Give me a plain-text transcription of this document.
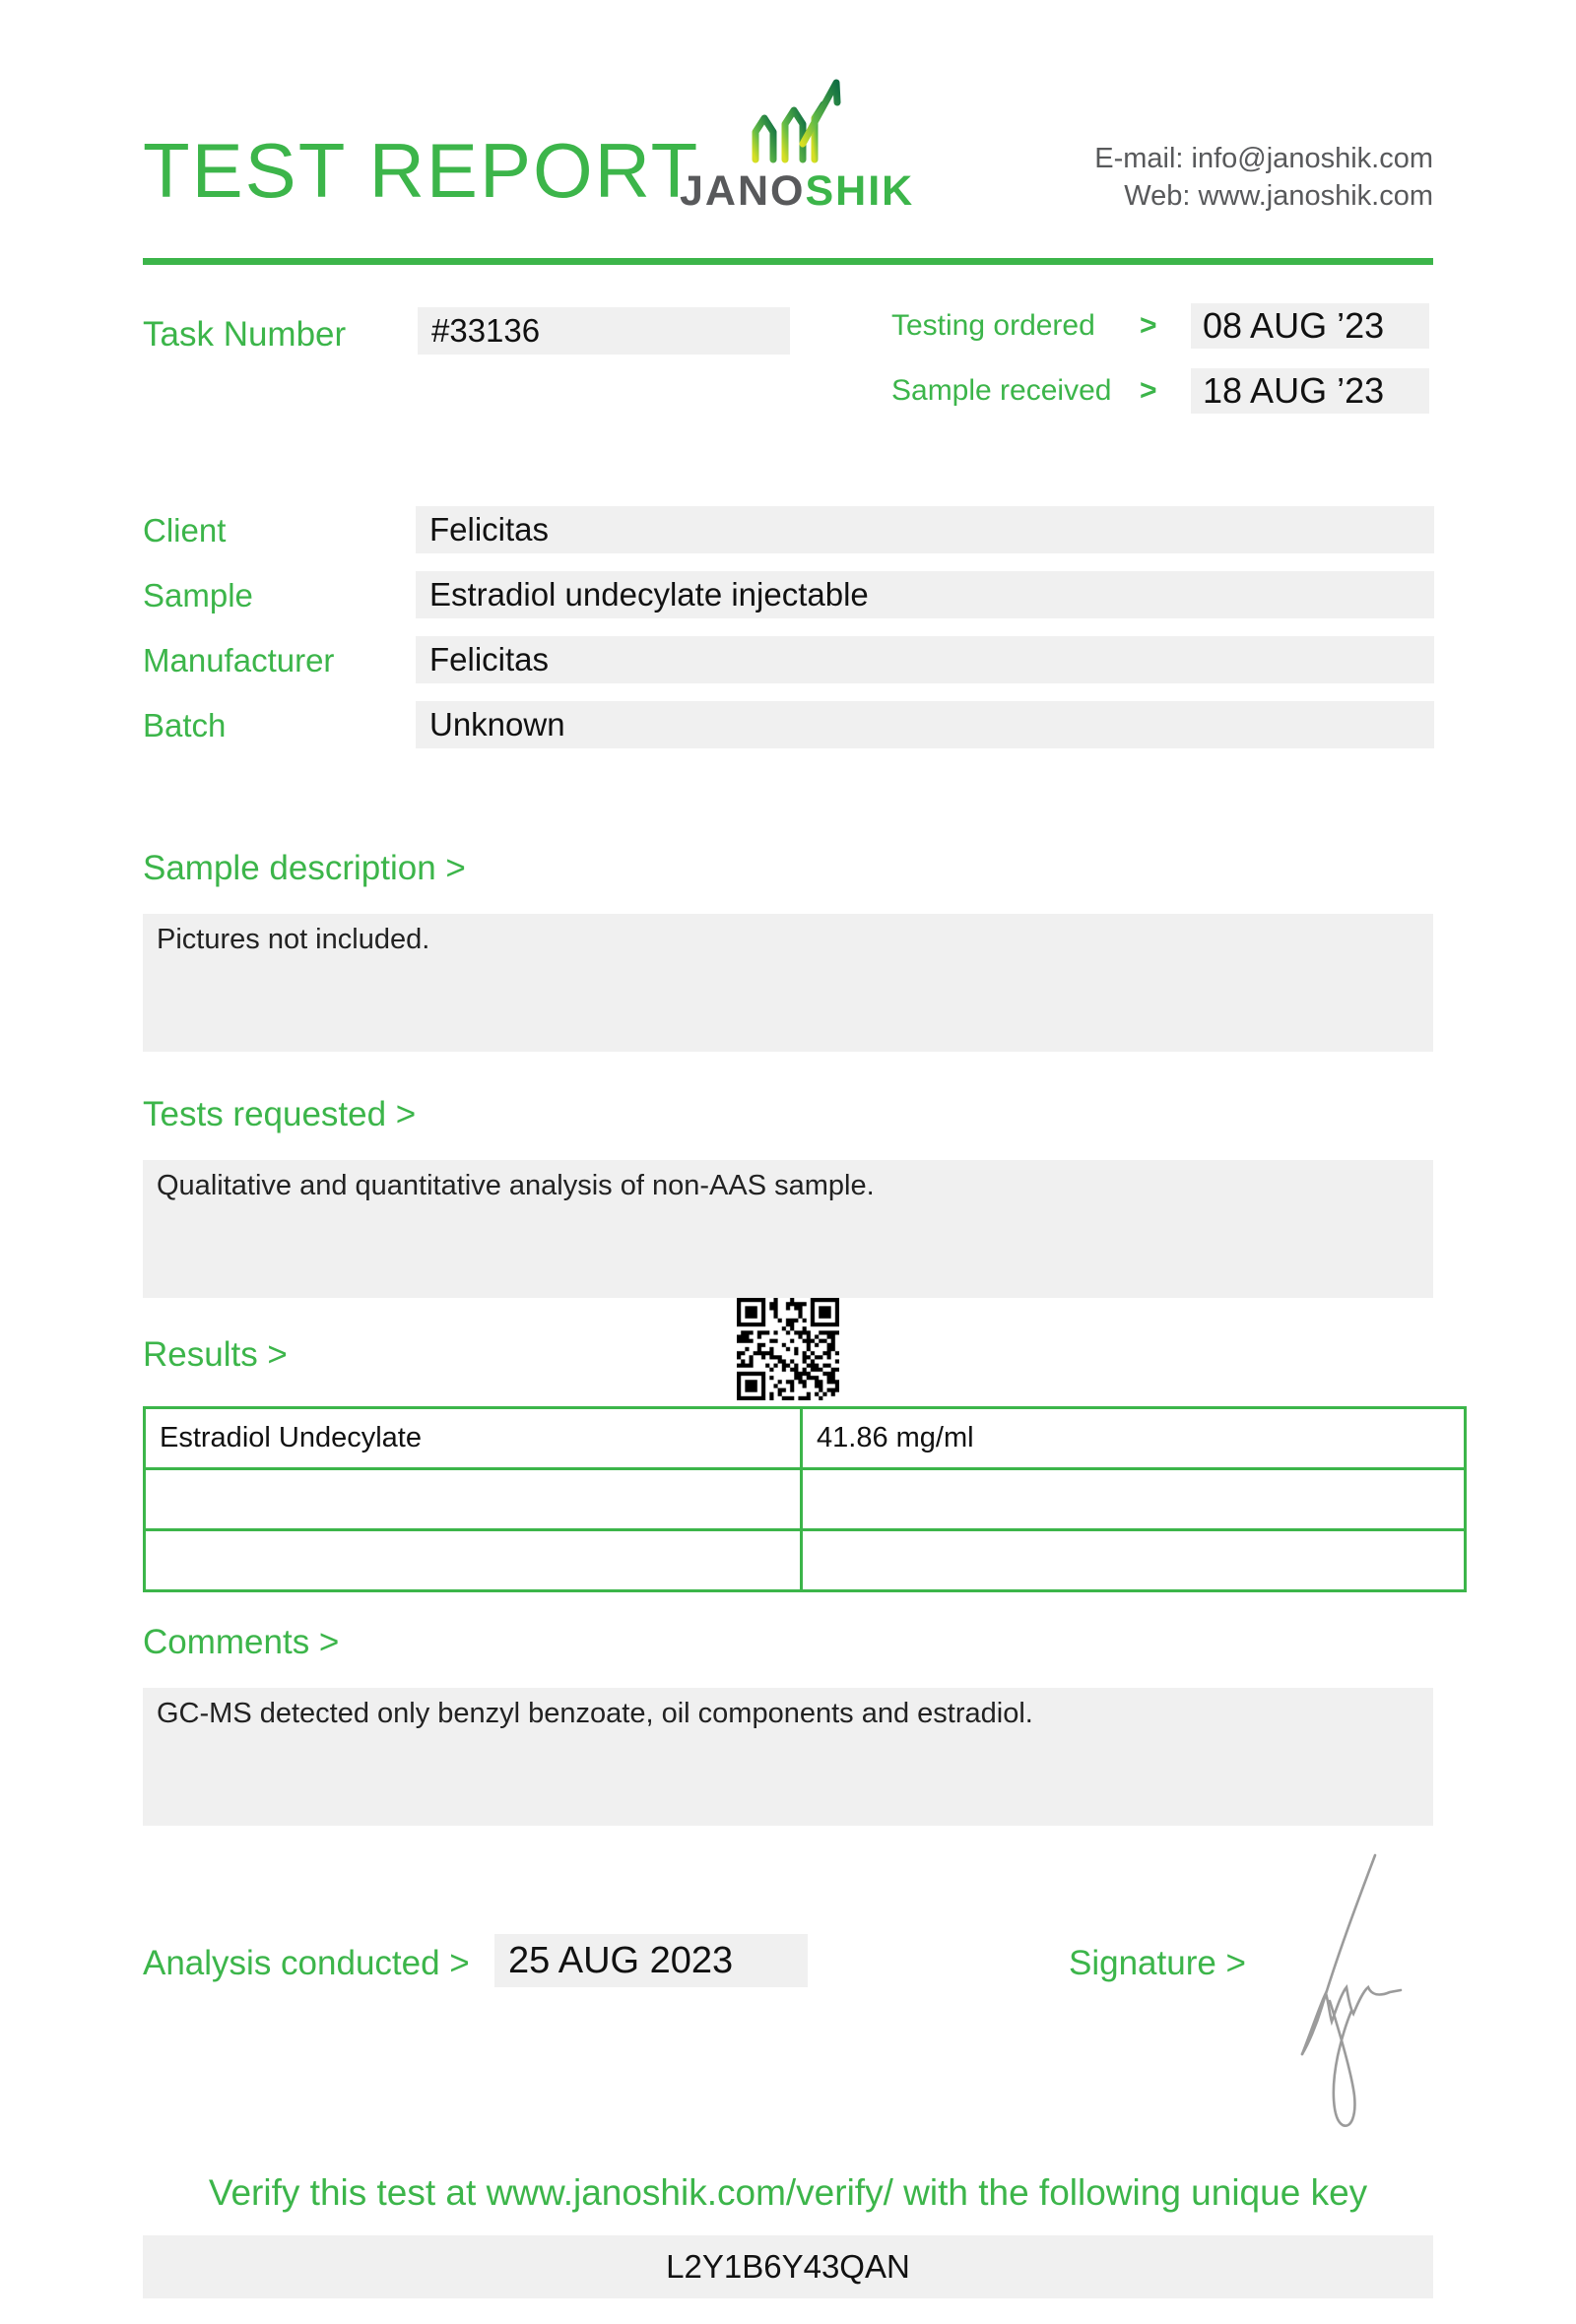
TEST REPORT
JANOSHIK
E-mail: info@janoshik.com
Web: www.janoshik.com
Task Number	#33136	Testing ordered	>	08 AUG ’23
Sample received >	18 AUG ’23
Client	Felicitas
Sample	Estradiol undecylate injectable
Manufacturer	Felicitas
Batch	Unknown
Sample description >
Pictures not included.
Tests requested >
Qualitative and quantitative analysis of non-AAS sample.
Results >
Estradiol Undecylate	41.86 mg/ml

Comments >
GC-MS detected only benzyl benzoate, oil components and estradiol.
Analysis conducted >	25 AUG 2023	Signature >
Verify this test at www.janoshik.com/verify/ with the following unique key
L2Y1B6Y43QAN
